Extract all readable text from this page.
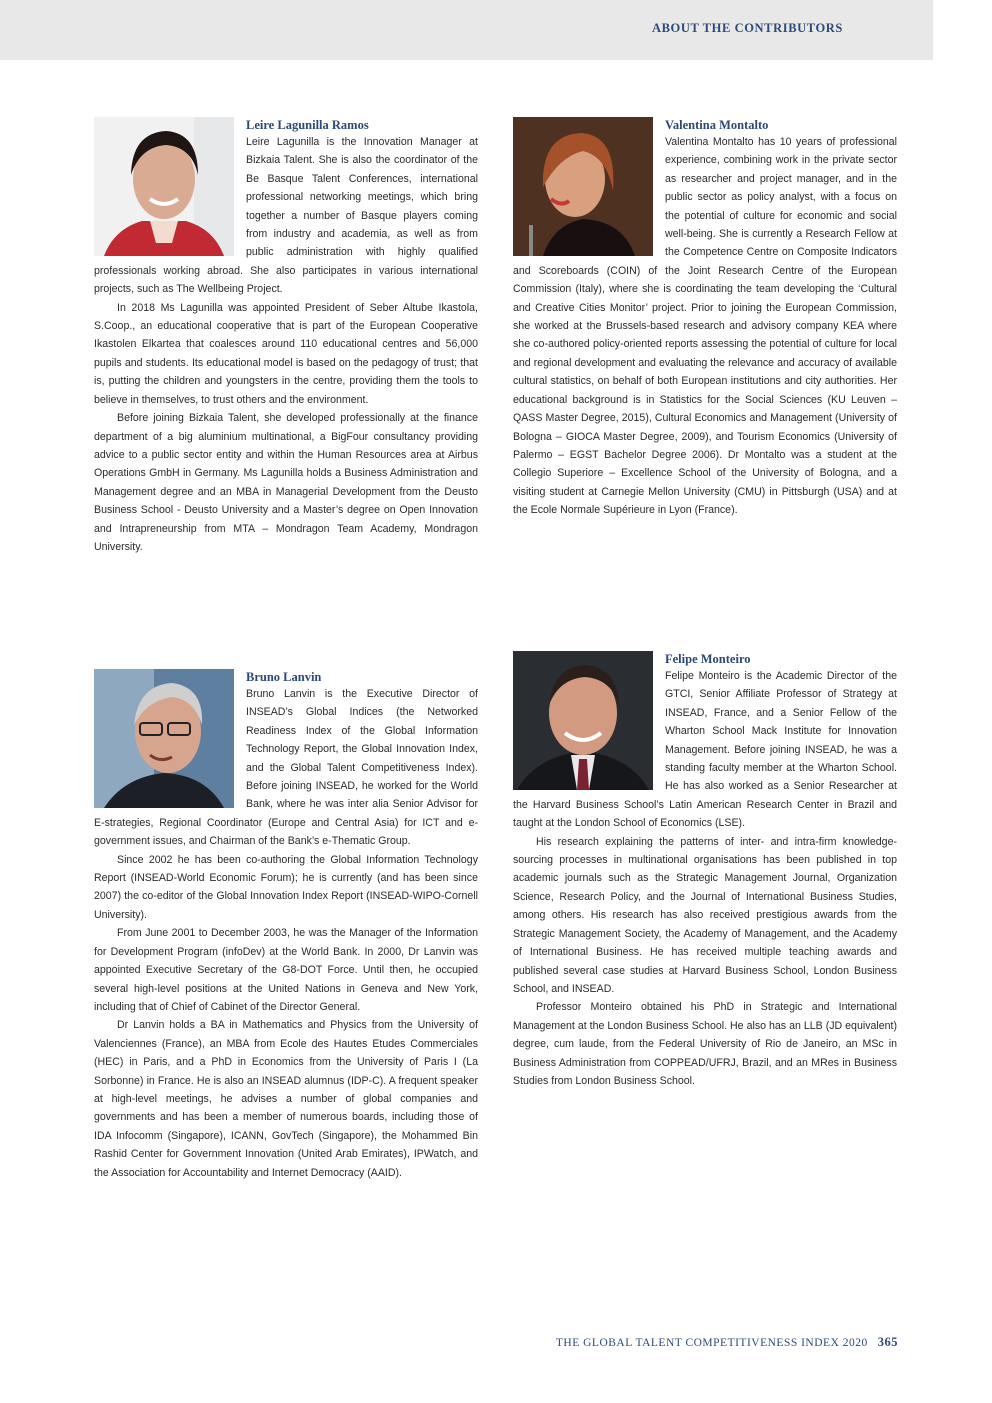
ABOUT THE CONTRIBUTORS
Leire Lagunilla Ramos

Leire Lagunilla is the Innovation Manager at Bizkaia Talent. She is also the coordinator of the Be Basque Talent Conferences, international professional networking meetings, which bring together a number of Basque players coming from industry and academia, as well as from public administration with highly qualified professionals working abroad. She also participates in various international projects, such as The Wellbeing Project.

In 2018 Ms Lagunilla was appointed President of Seber Altube Ikastola, S.Coop., an educational cooperative that is part of the European Cooperative Ikastolen Elkartea that coalesces around 110 educational centres and 56,000 pupils and students. Its educational model is based on the pedagogy of trust; that is, putting the children and youngsters in the centre, providing them the tools to believe in themselves, to trust others and the environment.

Before joining Bizkaia Talent, she developed professionally at the finance department of a big aluminium multinational, a BigFour consultancy providing advice to a public sector entity and within the Human Resources area at Airbus Operations GmbH in Germany. Ms Lagunilla holds a Business Administration and Management degree and an MBA in Managerial Development from the Deusto Business School - Deusto University and a Master’s degree on Open Innovation and Intrapreneurship from MTA – Mondragon Team Academy, Mondragon University.

Valentina Montalto

Valentina Montalto has 10 years of professional experience, combining work in the private sector as researcher and project manager, and in the public sector as policy analyst, with a focus on the potential of culture for economic and social well-being. She is currently a Research Fellow at the Competence Centre on Composite Indicators and Scoreboards (COIN) of the Joint Research Centre of the European Commission (Italy), where she is coordinating the team developing the ‘Cultural and Creative Cities Monitor’ project. Prior to joining the European Commission, she worked at the Brussels-based research and advisory company KEA where she co-authored policy-oriented reports assessing the potential of culture for local and regional development and evaluating the relevance and accuracy of available cultural statistics, on behalf of both European institutions and city authorities. Her educational background is in Statistics for the Social Sciences (KU Leuven – QASS Master Degree, 2015), Cultural Economics and Management (University of Bologna – GIOCA Master Degree, 2009), and Tourism Economics (University of Palermo – EGST Bachelor Degree 2006). Dr Montalto was a student at the Collegio Superiore – Excellence School of the University of Bologna, and a visiting student at Carnegie Mellon University (CMU) in Pittsburgh (USA) and at the Ecole Normale Supérieure in Lyon (France).

Bruno Lanvin

Bruno Lanvin is the Executive Director of INSEAD’s Global Indices (the Networked Readiness Index of the Global Information Technology Report, the Global Innovation Index, and the Global Talent Competitiveness Index). Before joining INSEAD, he worked for the World Bank, where he was inter alia Senior Advisor for E-strategies, Regional Coordinator (Europe and Central Asia) for ICT and e-government issues, and Chairman of the Bank’s e-Thematic Group.

Since 2002 he has been co-authoring the Global Information Technology Report (INSEAD-World Economic Forum); he is currently (and has been since 2007) the co-editor of the Global Innovation Index Report (INSEAD-WIPO-Cornell University).

From June 2001 to December 2003, he was the Manager of the Information for Development Program (infoDev) at the World Bank. In 2000, Dr Lanvin was appointed Executive Secretary of the G8-DOT Force. Until then, he occupied several high-level positions at the United Nations in Geneva and New York, including that of Chief of Cabinet of the Director General.

Dr Lanvin holds a BA in Mathematics and Physics from the University of Valenciennes (France), an MBA from Ecole des Hautes Etudes Commerciales (HEC) in Paris, and a PhD in Economics from the University of Paris I (La Sorbonne) in France. He is also an INSEAD alumnus (IDP-C). A frequent speaker at high-level meetings, he advises a number of global companies and governments and has been a member of numerous boards, including those of IDA Infocomm (Singapore), ICANN, GovTech (Singapore), the Mohammed Bin Rashid Center for Government Innovation (United Arab Emirates), IPWatch, and the Association for Accountability and Internet Democracy (AAID).

Felipe Monteiro

Felipe Monteiro is the Academic Director of the GTCI, Senior Affiliate Professor of Strategy at INSEAD, France, and a Senior Fellow of the Wharton School Mack Institute for Innovation Management. Before joining INSEAD, he was a standing faculty member at the Wharton School. He has also worked as a Senior Researcher at the Harvard Business School’s Latin American Research Center in Brazil and taught at the London School of Economics (LSE).

His research explaining the patterns of inter- and intra-firm knowledge-sourcing processes in multinational organisations has been published in top academic journals such as the Strategic Management Journal, Organization Science, Research Policy, and the Journal of International Business Studies, among others. His research has also received prestigious awards from the Strategic Management Society, the Academy of Management, and the Academy of International Business. He has received multiple teaching awards and published several case studies at Harvard Business School, London Business School, and INSEAD.

Professor Monteiro obtained his PhD in Strategic and International Management at the London Business School. He also has an LLB (JD equivalent) degree, cum laude, from the Federal University of Rio de Janeiro, an MSc in Business Administration from COPPEAD/UFRJ, Brazil, and an MRes in Business Studies from London Business School.

THE GLOBAL TALENT COMPETITIVENESS INDEX 2020 365
